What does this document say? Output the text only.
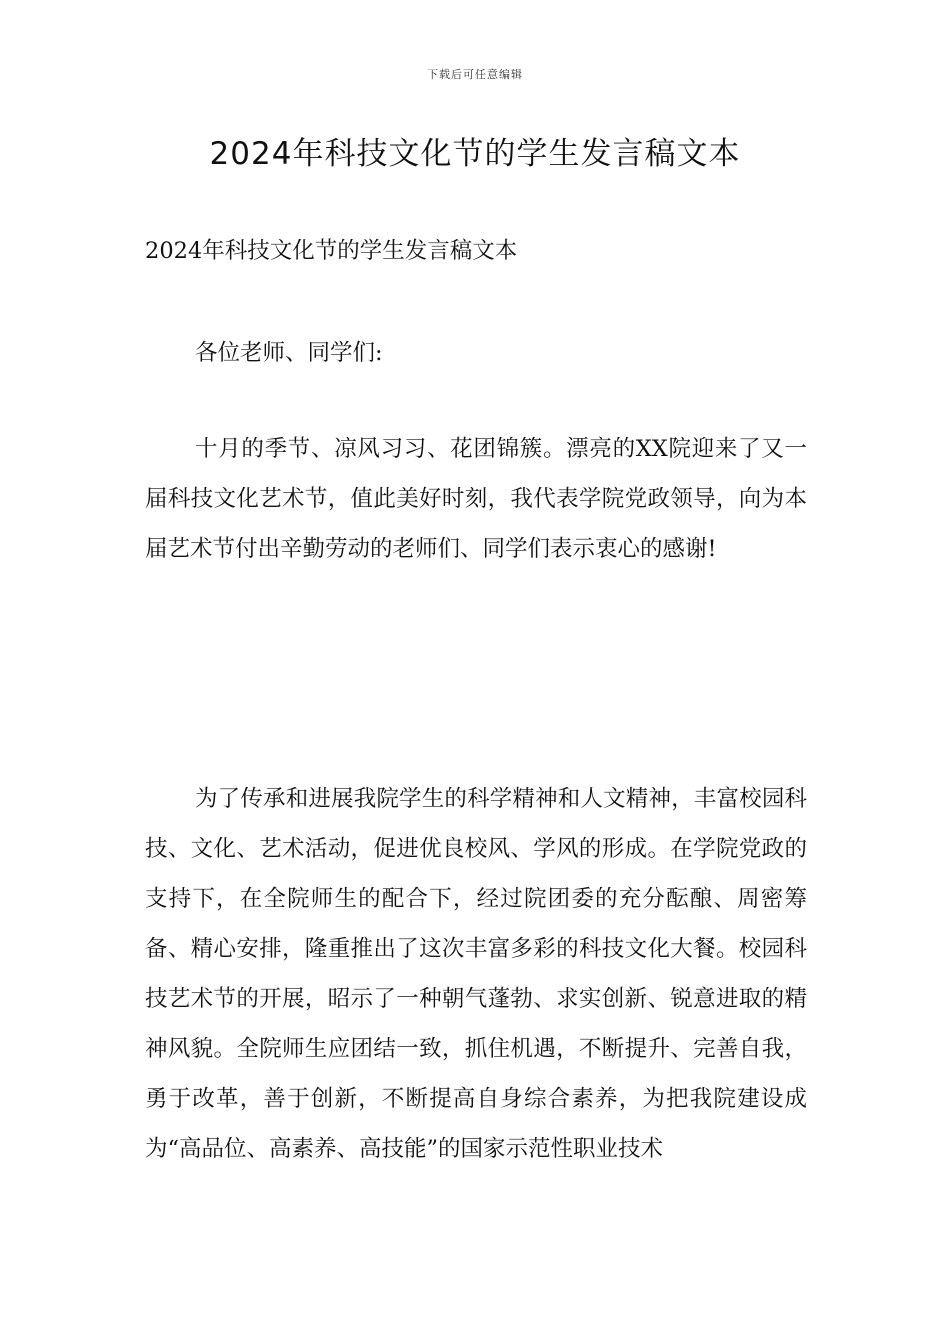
下载后可任意编辑
2024年科技文化节的学生发言稿文本

2024年科技文化节的学生发言稿文本

各位老师、同学们:

十月的季节、凉风习习、花团锦簇。漂亮的XX院迎来了又一届科技文化艺术节，值此美好时刻，我代表学院党政领导，向为本届艺术节付出辛勤劳动的老师们、同学们表示衷心的感谢!

为了传承和进展我院学生的科学精神和人文精神，丰富校园科技、文化、艺术活动，促进优良校风、学风的形成。在学院党政的支持下，在全院师生的配合下，经过院团委的充分酝酿、周密筹备、精心安排，隆重推出了这次丰富多彩的科技文化大餐。校园科技艺术节的开展，昭示了一种朝气蓬勃、求实创新、锐意进取的精神风貌。全院师生应团结一致，抓住机遇，不断提升、完善自我，勇于改革，善于创新，不断提高自身综合素养，为把我院建设成为“高品位、高素养、高技能”的国家示范性职业技术
